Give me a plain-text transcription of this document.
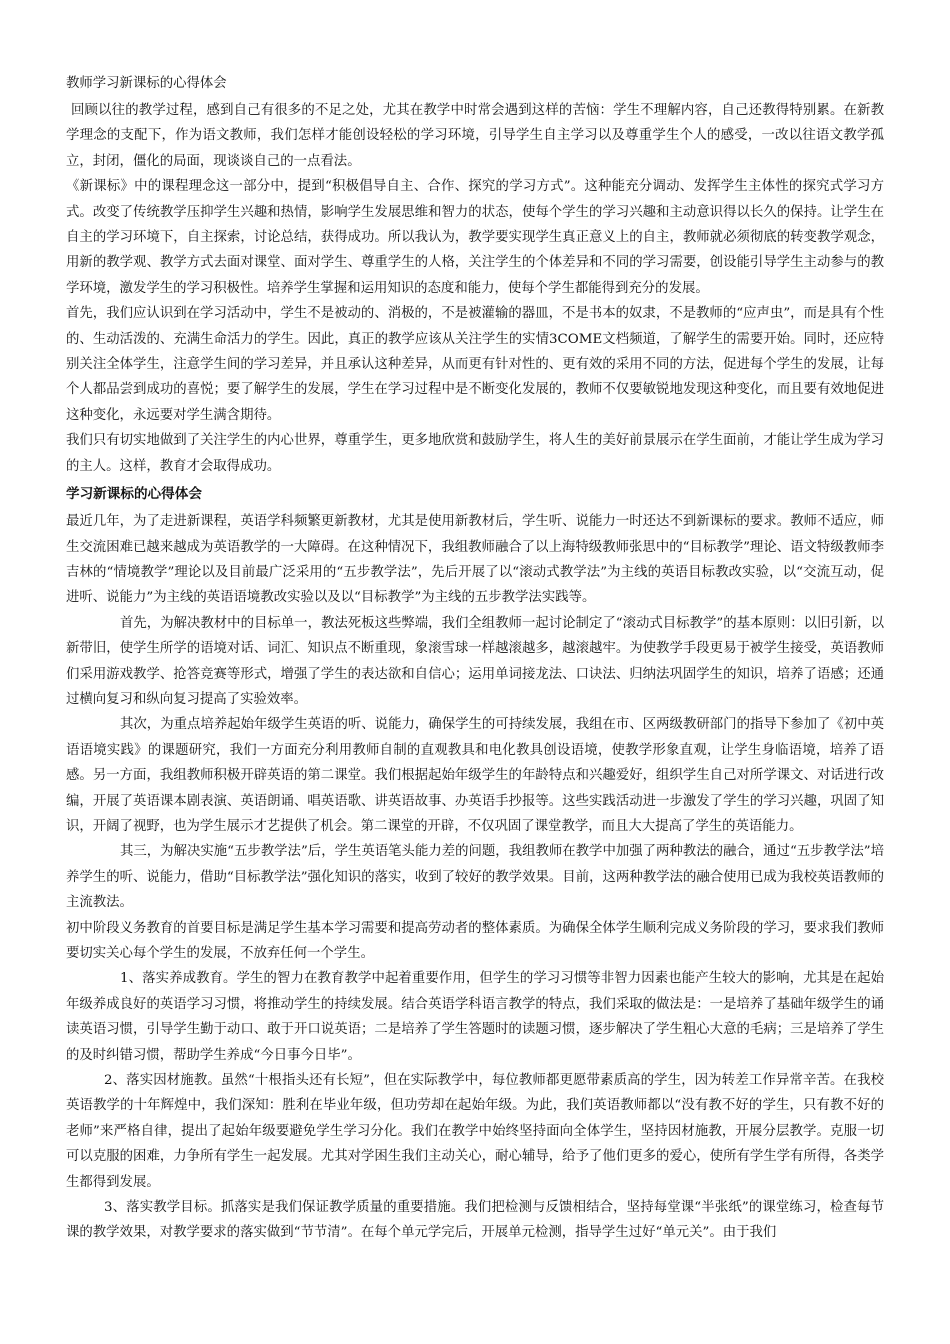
教师学习新课标的心得体会

回顾以往的教学过程，感到自己有很多的不足之处，尤其在教学中时常会遇到这样的苦恼：学生不理解内容，自己还教得特别累。在新教学理念的支配下，作为语文教师，我们怎样才能创设轻松的学习环境，引导学生自主学习以及尊重学生个人的感受，一改以往语文教学孤立，封闭，僵化的局面，现谈谈自己的一点看法。

《新课标》中的课程理念这一部分中，提到“积极倡导自主、合作、探究的学习方式”。这种能充分调动、发挥学生主体性的探究式学习方式。改变了传统教学压抑学生兴趣和热情，影响学生发展思维和智力的状态，使每个学生的学习兴趣和主动意识得以长久的保持。让学生在自主的学习环境下，自主探索，讨论总结，获得成功。所以我认为，教学要实现学生真正意义上的自主，教师就必须彻底的转变教学观念，用新的教学观、教学方式去面对课堂、面对学生、尊重学生的人格，关注学生的个体差异和不同的学习需要，创设能引导学生主动参与的教学环境，激发学生的学习积极性。培养学生掌握和运用知识的态度和能力，使每个学生都能得到充分的发展。

首先，我们应认识到在学习活动中，学生不是被动的、消极的，不是被灌输的器皿，不是书本的奴隶，不是教师的“应声虫”，而是具有个性的、生动活泼的、充满生命活力的学生。因此，真正的教学应该从关注学生的实情3COME文档频道，了解学生的需要开始。同时，还应特别关注全体学生，注意学生间的学习差异，并且承认这种差异，从而更有针对性的、更有效的采用不同的方法，促进每个学生的发展，让每个人都品尝到成功的喜悦；要了解学生的发展，学生在学习过程中是不断变化发展的，教师不仅要敏锐地发现这种变化，而且要有效地促进这种变化，永远要对学生满含期待。

我们只有切实地做到了关注学生的内心世界，尊重学生，更多地欣赏和鼓励学生，将人生的美好前景展示在学生面前，才能让学生成为学习的主人。这样，教育才会取得成功。

学习新课标的心得体会

最近几年，为了走进新课程，英语学科频繁更新教材，尤其是使用新教材后，学生听、说能力一时还达不到新课标的要求。教师不适应，师生交流困难已越来越成为英语教学的一大障碍。在这种情况下，我组教师融合了以上海特级教师张思中的“目标教学”理论、语文特级教师李吉林的“情境教学”理论以及目前最广泛采用的“五步教学法”，先后开展了以“滚动式教学法”为主线的英语目标教改实验，以“交流互动，促进听、说能力”为主线的英语语境教改实验以及以“目标教学”为主线的五步教学法实践等。

首先，为解决教材中的目标单一，教法死板这些弊端，我们全组教师一起讨论制定了“滚动式目标教学”的基本原则：以旧引新，以新带旧，使学生所学的语境对话、词汇、知识点不断重现，象滚雪球一样越滚越多，越滚越牢。为使教学手段更易于被学生接受，英语教师们采用游戏教学、抢答竞赛等形式，增强了学生的表达欲和自信心；运用单词接龙法、口诀法、归纳法巩固学生的知识，培养了语感；还通过横向复习和纵向复习提高了实验效率。

其次，为重点培养起始年级学生英语的听、说能力，确保学生的可持续发展，我组在市、区两级教研部门的指导下参加了《初中英语语境实践》的课题研究，我们一方面充分利用教师自制的直观教具和电化教具创设语境，使教学形象直观，让学生身临语境，培养了语感。另一方面，我组教师积极开辟英语的第二课堂。我们根据起始年级学生的年龄特点和兴趣爱好，组织学生自己对所学课文、对话进行改编，开展了英语课本剧表演、英语朗诵、唱英语歌、讲英语故事、办英语手抄报等。这些实践活动进一步激发了学生的学习兴趣，巩固了知识，开阔了视野，也为学生展示才艺提供了机会。第二课堂的开辟，不仅巩固了课堂教学，而且大大提高了学生的英语能力。

其三，为解决实施“五步教学法”后，学生英语笔头能力差的问题，我组教师在教学中加强了两种教法的融合，通过“五步教学法”培养学生的听、说能力，借助“目标教学法”强化知识的落实，收到了较好的教学效果。目前，这两种教学法的融合使用已成为我校英语教师的主流教法。

初中阶段义务教育的首要目标是满足学生基本学习需要和提高劳动者的整体素质。为确保全体学生顺利完成义务阶段的学习，要求我们教师要切实关心每个学生的发展，不放弃任何一个学生。

1、落实养成教育。学生的智力在教育教学中起着重要作用，但学生的学习习惯等非智力因素也能产生较大的影响，尤其是在起始年级养成良好的英语学习习惯，将推动学生的持续发展。结合英语学科语言教学的特点，我们采取的做法是：一是培养了基础年级学生的诵读英语习惯，引导学生勤于动口、敢于开口说英语；二是培养了学生答题时的读题习惯，逐步解决了学生粗心大意的毛病；三是培养了学生的及时纠错习惯，帮助学生养成“今日事今日毕”。

2、落实因材施教。虽然“十根指头还有长短”，但在实际教学中，每位教师都更愿带素质高的学生，因为转差工作异常辛苦。在我校英语教学的十年辉煌中，我们深知：胜利在毕业年级，但功劳却在起始年级。为此，我们英语教师都以“没有教不好的学生，只有教不好的老师”来严格自律，提出了起始年级要避免学生学习分化。我们在教学中始终坚持面向全体学生，坚持因材施教，开展分层教学。克服一切可以克服的困难，力争所有学生一起发展。尤其对学困生我们主动关心，耐心辅导，给予了他们更多的爱心，使所有学生学有所得，各类学生都得到发展。

3、落实教学目标。抓落实是我们保证教学质量的重要措施。我们把检测与反馈相结合，坚持每堂课“半张纸”的课堂练习，检查每节课的教学效果，对教学要求的落实做到“节节清”。在每个单元学完后，开展单元检测，指导学生过好“单元关”。由于我们
